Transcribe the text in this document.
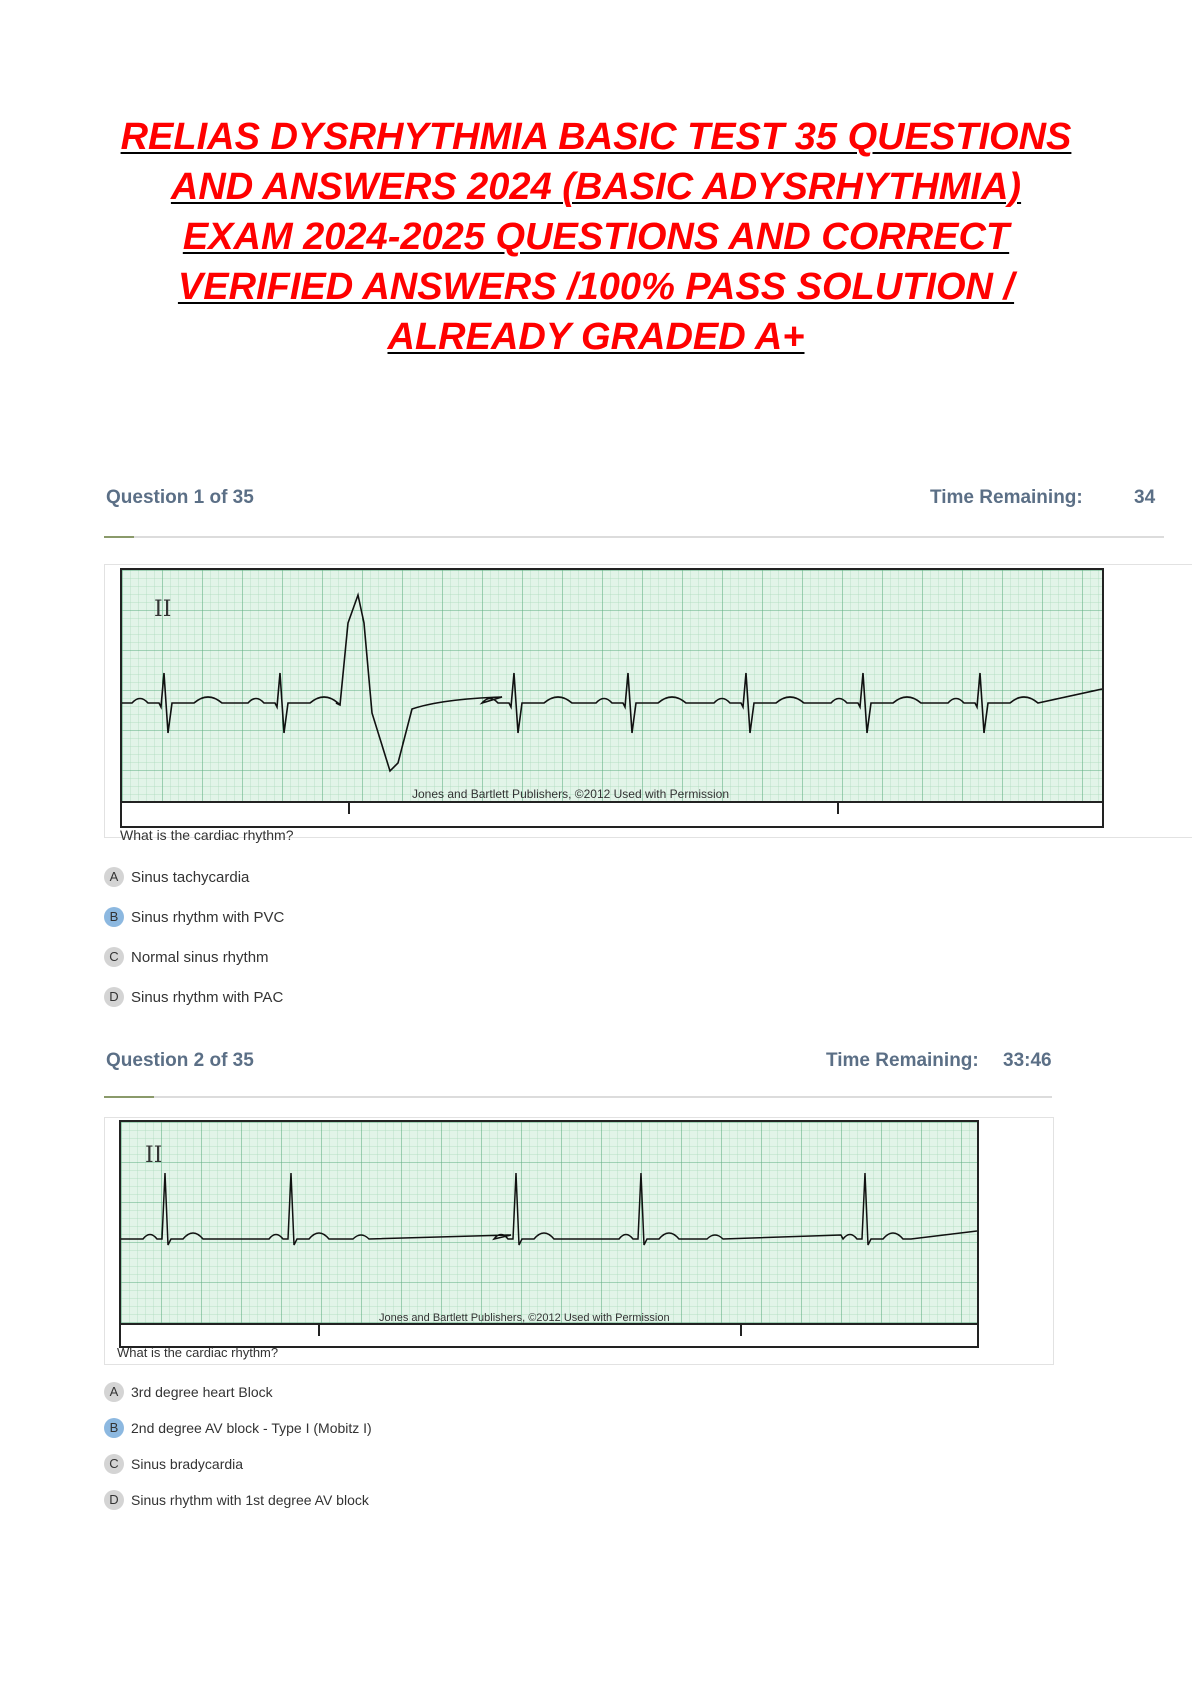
RELIAS DYSRHYTHMIA BASIC TEST 35 QUESTIONS
AND ANSWERS 2024 (BASIC ADYSRHYTHMIA)
EXAM 2024-2025 QUESTIONS AND CORRECT
VERIFIED ANSWERS /100% PASS SOLUTION /
ALREADY GRADED A+
Question 1 of 35	Time Remaining:	34
II
Jones and Bartlett Publishers, ©2012 Used with Permission
What is the cardiac rhythm?
A Sinus tachycardia
B Sinus rhythm with PVC
C Normal sinus rhythm
D Sinus rhythm with PAC
Question 2 of 35	Time Remaining: 33:46
II
Jones and Bartlett Publishers, ©2012 Used with Permission
What is the cardiac rhythm?
A 3rd degree heart Block
B 2nd degree AV block - Type I (Mobitz I)
C Sinus bradycardia
D Sinus rhythm with 1st degree AV block
